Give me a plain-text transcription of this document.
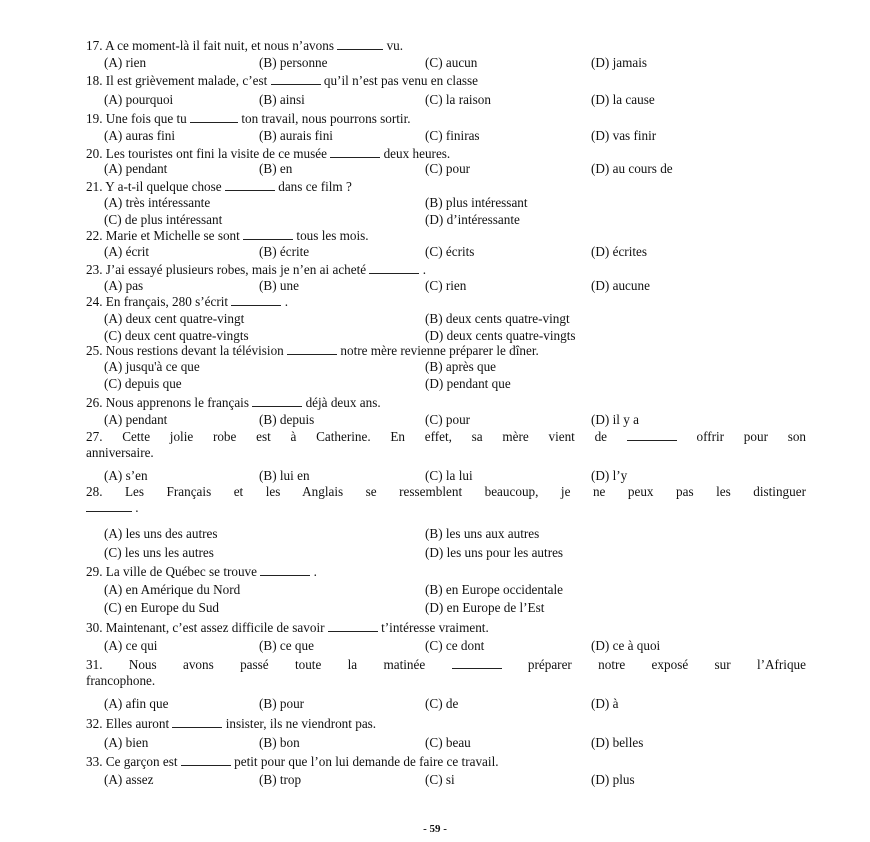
17. A ce moment-là il fait nuit, et nous n’avons	vu.
(A) rien	(B) personne	(C) aucun	(D) jamais
18. Il est grièvement malade, c’est	qu’il n’est pas venu en classe
(A) pourquoi	(B) ainsi	(C) la raison	(D) la cause
19. Une fois que tu	ton travail, nous pourrons sortir.
(A) auras fini	(B) aurais fini	(C) finiras	(D) vas finir
20. Les touristes ont fini la visite de ce musée	deux heures.
(A) pendant	(B) en	(C) pour	(D) au cours de
21. Y a-t-il quelque chose	dans ce film ?
(A) très intéressante	(B) plus intéressant
(C) de plus intéressant	(D) d’intéressante
22. Marie et Michelle se sont	tous les mois.
(A) écrit	(B) écrite	(C) écrits	(D) écrites
23. J’ai essayé plusieurs robes, mais je n’en ai acheté	.
(A) pas	(B) une	(C) rien	(D) aucune
24. En français, 280 s’écrit	.
(A) deux cent quatre-vingt	(B) deux cents quatre-vingt
(C) deux cent quatre-vingts	(D) deux cents quatre-vingts
25. Nous restions devant la télévision	notre mère revienne préparer le dîner.
(A) jusqu'à ce que	(B) après que
(C) depuis que	(D) pendant que
26. Nous apprenons le français	déjà deux ans.
(A) pendant	(B) depuis	(C) pour	(D) il y a
27. Cette jolie robe est à Catherine. En effet, sa mère vient de	offrir pour son
anniversaire.
(A) s’en	(B) lui en	(C) la lui	(D) l’y
28. Les Français et les Anglais se ressemblent beaucoup, je ne peux pas les distinguer
.
(A) les uns des autres	(B) les uns aux autres
(C) les uns les autres	(D) les uns pour les autres
29. La ville de Québec se trouve	.
(A) en Amérique du Nord	(B) en Europe occidentale
(C) en Europe du Sud	(D) en Europe de l’Est
30. Maintenant, c’est assez difficile de savoir	t’intéresse vraiment.
(A) ce qui	(B) ce que	(C) ce dont	(D) ce à quoi
31. Nous avons passé toute la matinée	préparer notre exposé sur l’Afrique
francophone.
(A) afin que	(B) pour	(C) de	(D) à
32. Elles auront	insister, ils ne viendront pas.
(A) bien	(B) bon	(C) beau	(D) belles
33. Ce garçon est	petit pour que l’on lui demande de faire ce travail.
(A) assez	(B) trop	(C) si	(D) plus
- 59 -
